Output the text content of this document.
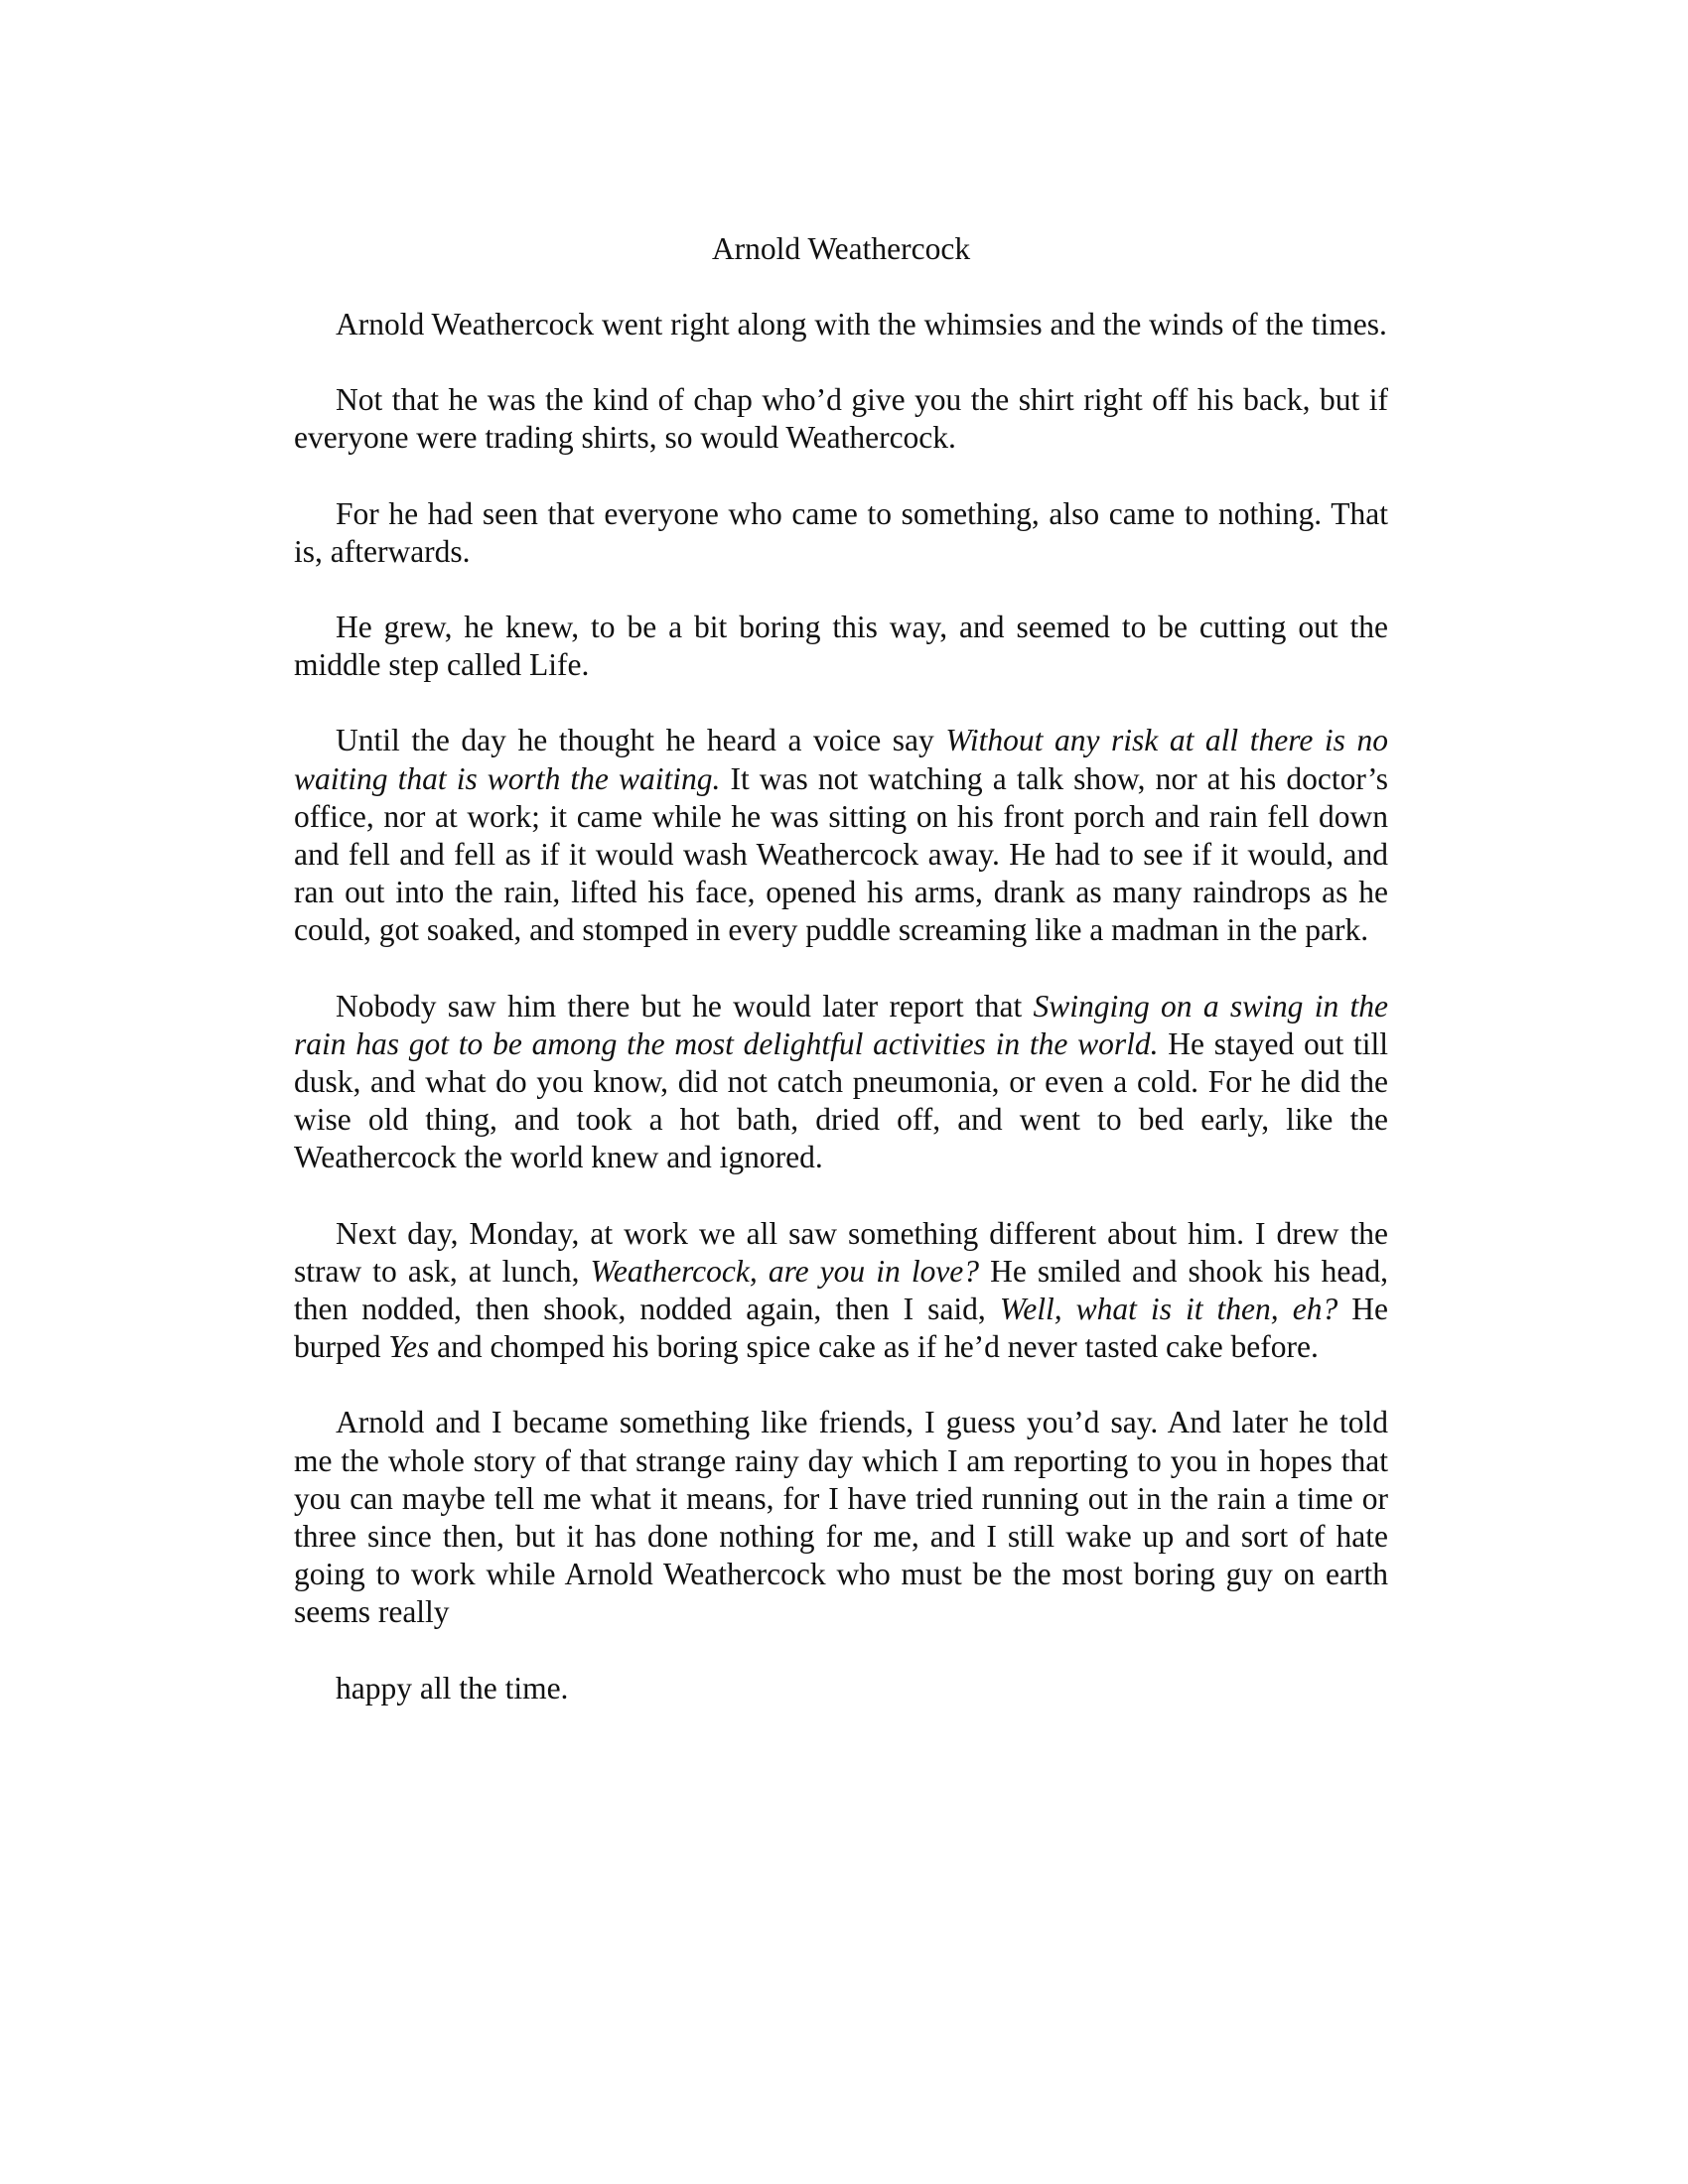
Arnold Weathercock

Arnold Weathercock went right along with the whimsies and the winds of the times.

Not that he was the kind of chap who’d give you the shirt right off his back, but if everyone were trading shirts, so would Weathercock.

For he had seen that everyone who came to something, also came to nothing. That is, afterwards.

He grew, he knew, to be a bit boring this way, and seemed to be cutting out the middle step called Life.

Until the day he thought he heard a voice say Without any risk at all there is no waiting that is worth the waiting. It was not watching a talk show, nor at his doctor’s office, nor at work; it came while he was sitting on his front porch and rain fell down and fell and fell as if it would wash Weathercock away. He had to see if it would, and ran out into the rain, lifted his face, opened his arms, drank as many raindrops as he could, got soaked, and stomped in every puddle screaming like a madman in the park.

Nobody saw him there but he would later report that Swinging on a swing in the rain has got to be among the most delightful activities in the world. He stayed out till dusk, and what do you know, did not catch pneumonia, or even a cold. For he did the wise old thing, and took a hot bath, dried off, and went to bed early, like the Weathercock the world knew and ignored.

Next day, Monday, at work we all saw something different about him. I drew the straw to ask, at lunch, Weathercock, are you in love? He smiled and shook his head, then nodded, then shook, nodded again, then I said, Well, what is it then, eh? He burped Yes and chomped his boring spice cake as if he’d never tasted cake before.

Arnold and I became something like friends, I guess you’d say. And later he told me the whole story of that strange rainy day which I am reporting to you in hopes that you can maybe tell me what it means, for I have tried running out in the rain a time or three since then, but it has done nothing for me, and I still wake up and sort of hate going to work while Arnold Weathercock who must be the most boring guy on earth seems really

happy all the time.
